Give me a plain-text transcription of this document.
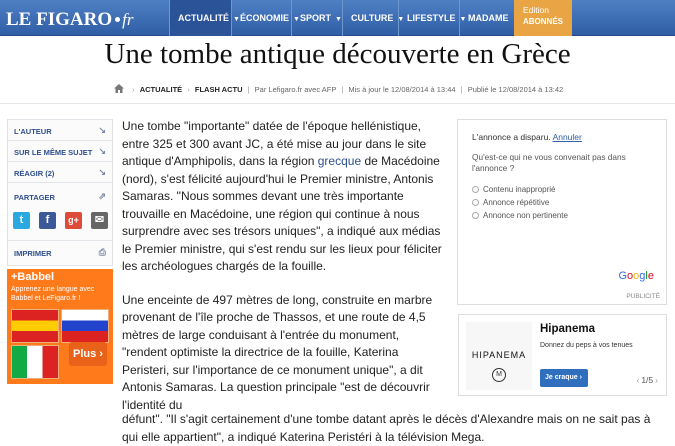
LE FIGARO fr	ACTUALITÉ ▼ ÉCONOMIE ▼ SPORT ▼	CULTURE ▼ LIFESTYLE ▼ MADAME
Edition
ABONNÉS
Une tombe antique découverte en Grèce
› ACTUALITÉ › FLASH ACTU | Par Lefigaro.fr avec AFP | Mis à jour le 12/08/2014 à 13:44 | Publié le 12/08/2014 à 13:42
L'AUTEUR	↘
SUR LE MÊME SUJET ↘
RÉAGIR (2)	↘
PARTAGER	⇗
t	f	g+	✉
IMPRIMER	⎙
+Babbel
Apprenez une langue avec Babbel et LeFigaro.fr !
Plus ›

Une tombe "importante" datée de l'époque hellénistique, entre 325 et 300 avant JC, a été mise au jour dans le site antique d'Amphipolis, dans la région grecque de Macédoine (nord), s'est félicité aujourd'hui le Premier ministre, Antonis Samaras. "Nous sommes devant une très importante trouvaille en Macédoine, une région qui continue à nous surprendre avec ses trésors uniques", a indiqué aux médias le Premier ministre, qui s'est rendu sur les lieux pour féliciter les archéologues chargés de la fouille.

Une enceinte de 497 mètres de long, construite en marbre provenant de l'île proche de Thassos, et une route de 4,5 mètres de large conduisant à l'entrée du monument, "rendent optimiste la directrice de la fouille, Katerina Peristeri, sur l'importance de ce monument unique", a dit Antonis Samaras. La question principale "est de découvrir l'identité du

défunt". "Il s'agit certainement d'une tombe datant après le décès d'Alexandre mais on ne sait pas à qui elle appartient", a indiqué Katerina Peristéri à la télévision Mega.
L'annonce a disparu. Annuler
Qu'est-ce qui ne vous convenait pas dans l'annonce ?
Contenu inapproprié
Annonce répétitive
Annonce non pertinente
Google
PUBLICITÉ
HIPANEMA
M
Hipanema
Donnez du peps à vos tenues
Je craque ›	‹ 1/5 ›
